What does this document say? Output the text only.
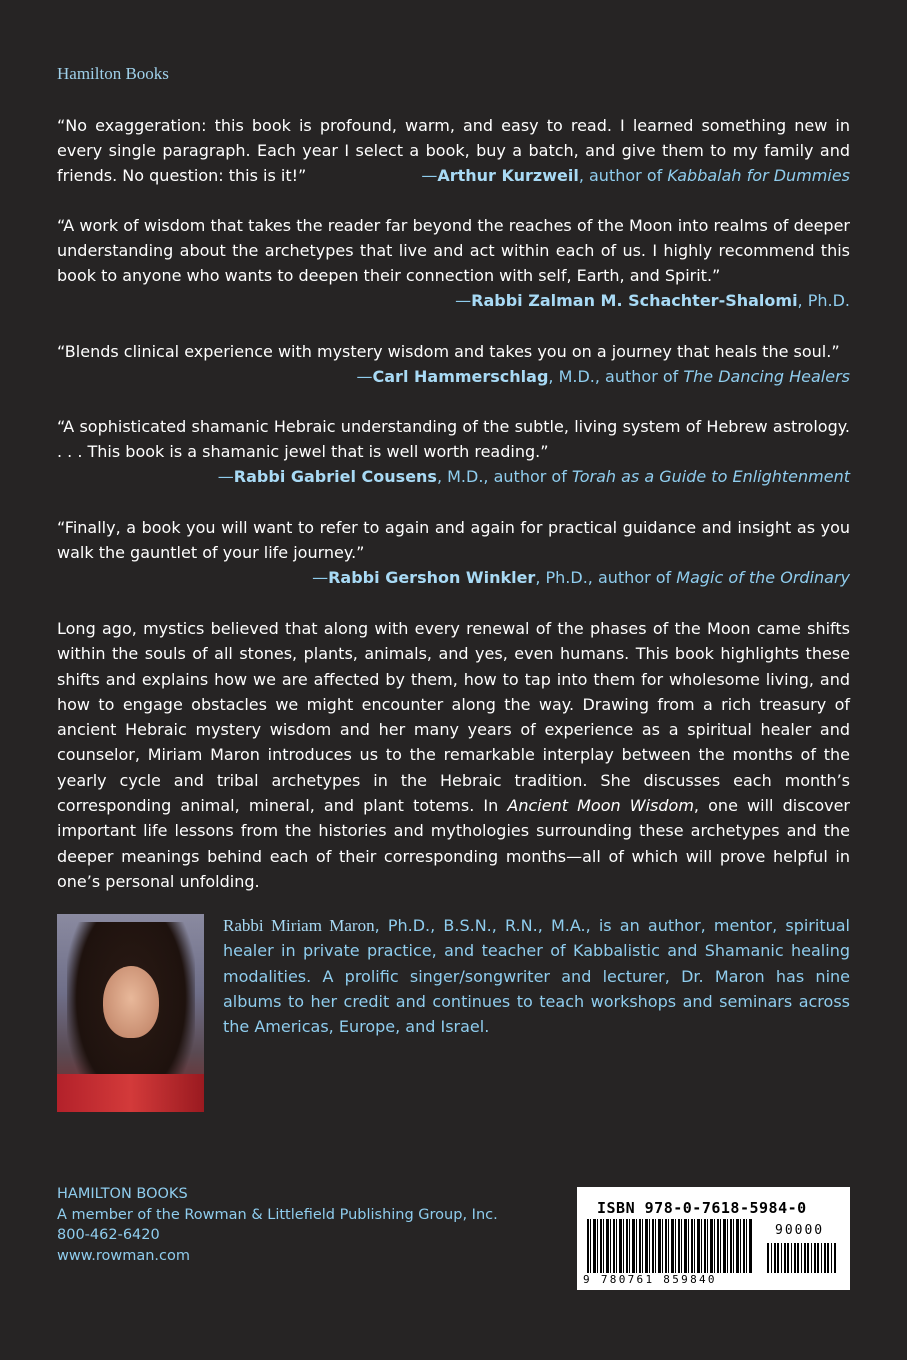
Hamilton Books
“No exaggeration: this book is profound, warm, and easy to read. I learned something new in every single paragraph. Each year I select a book, buy a batch, and give them to my family and friends. No question: this is it!”	—Arthur Kurzweil, author of Kabbalah for Dummies
“A work of wisdom that takes the reader far beyond the reaches of the Moon into realms of deeper understanding about the archetypes that live and act within each of us. I highly recommend this book to anyone who wants to deepen their connection with self, Earth, and Spirit.”
—Rabbi Zalman M. Schachter-Shalomi, Ph.D.
“Blends clinical experience with mystery wisdom and takes you on a journey that heals the soul.”
—Carl Hammerschlag, M.D., author of The Dancing Healers
“A sophisticated shamanic Hebraic understanding of the subtle, living system of Hebrew astrology. . . . This book is a shamanic jewel that is well worth reading.”
—Rabbi Gabriel Cousens, M.D., author of Torah as a Guide to Enlightenment
“Finally, a book you will want to refer to again and again for practical guidance and insight as you walk the gauntlet of your life journey.”
—Rabbi Gershon Winkler, Ph.D., author of Magic of the Ordinary
Long ago, mystics believed that along with every renewal of the phases of the Moon came shifts within the souls of all stones, plants, animals, and yes, even humans. This book highlights these shifts and explains how we are affected by them, how to tap into them for wholesome living, and how to engage obstacles we might encounter along the way. Drawing from a rich treasury of ancient Hebraic mystery wisdom and her many years of experience as a spiritual healer and counselor, Miriam Maron introduces us to the remarkable interplay between the months of the yearly cycle and tribal archetypes in the Hebraic tradition. She discusses each month’s corresponding animal, mineral, and plant totems. In Ancient Moon Wisdom, one will discover important life lessons from the histories and mythologies surrounding these archetypes and the deeper meanings behind each of their corresponding months—all of which will prove helpful in one’s personal unfolding.
Rabbi Miriam Maron, Ph.D., B.S.N., R.N., M.A., is an author, mentor, spiritual healer in private practice, and teacher of Kabbalistic and Shamanic healing modalities. A prolific singer/songwriter and lecturer, Dr. Maron has nine albums to her credit and continues to teach workshops and seminars across the Americas, Europe, and Israel.
HAMILTON BOOKS
A member of the Rowman & Littlefield Publishing Group, Inc.
800-462-6420
www.rowman.com
ISBN 978-0-7618-5984-0
90000
9 780761 859840
